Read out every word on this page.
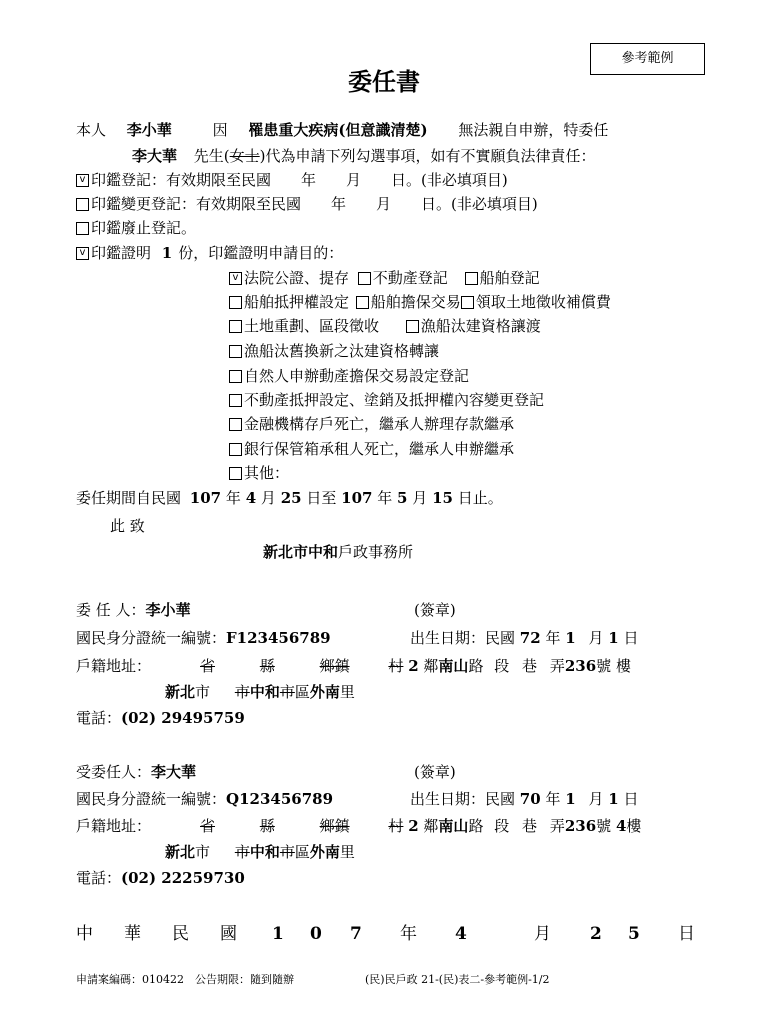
參考範例
委任書
本人 李小華	因 罹患重大疾病(但意識清楚) 無法親自申辦，特委任
李大華 先生(女士)代為申請下列勾選事項，如有不實願負法律責任：
v 印鑑登記：有效期限至民國　　年　　月　　日。(非必填項目)
印鑑變更登記：有效期限至民國　　年　　月　　日。(非必填項目)
印鑑廢止登記。
v 印鑑證明 1 份，印鑑證明申請目的：
v 法院公證、提存 不動產登記 船舶登記
船舶抵押權設定 船舶擔保交易 領取土地徵收補償費
土地重劃、區段徵收	漁船汰建資格讓渡
漁船汰舊換新之汰建資格轉讓
自然人申辦動產擔保交易設定登記
不動產抵押設定、塗銷及抵押權內容變更登記
金融機構存戶死亡，繼承人辦理存款繼承
銀行保管箱承租人死亡，繼承人申辦繼承
其他：
委任期間自民國 107 年 4 月 25 日至 107 年 5 月 15 日止。
此 致
新北市中和戶政事務所
委 任 人：李小華	(簽章)
國民身分證統一編號：F123456789	出生日期：民國 72 年 1 月 1 日
戶籍地址：	省	縣	鄉鎮	村 2 鄰南山路 段 巷 弄236號 樓
新北市 市中和市區外南里
電話：(02) 29495759
受委任人：李大華	(簽章)
國民身分證統一編號：Q123456789	出生日期：民國 70 年 1 月 1 日
戶籍地址：	省	縣	鄉鎮	村 2 鄰南山路 段 巷 弄236號 4樓
新北市 市中和市區外南里
電話：(02) 22259730
中 華 民 國 1 0 7 年 4	月 2 5 日
申請案編碼：010422　公告期限：隨到隨辦	(民)民戶政 21-(民)表二-參考範例-1/2
